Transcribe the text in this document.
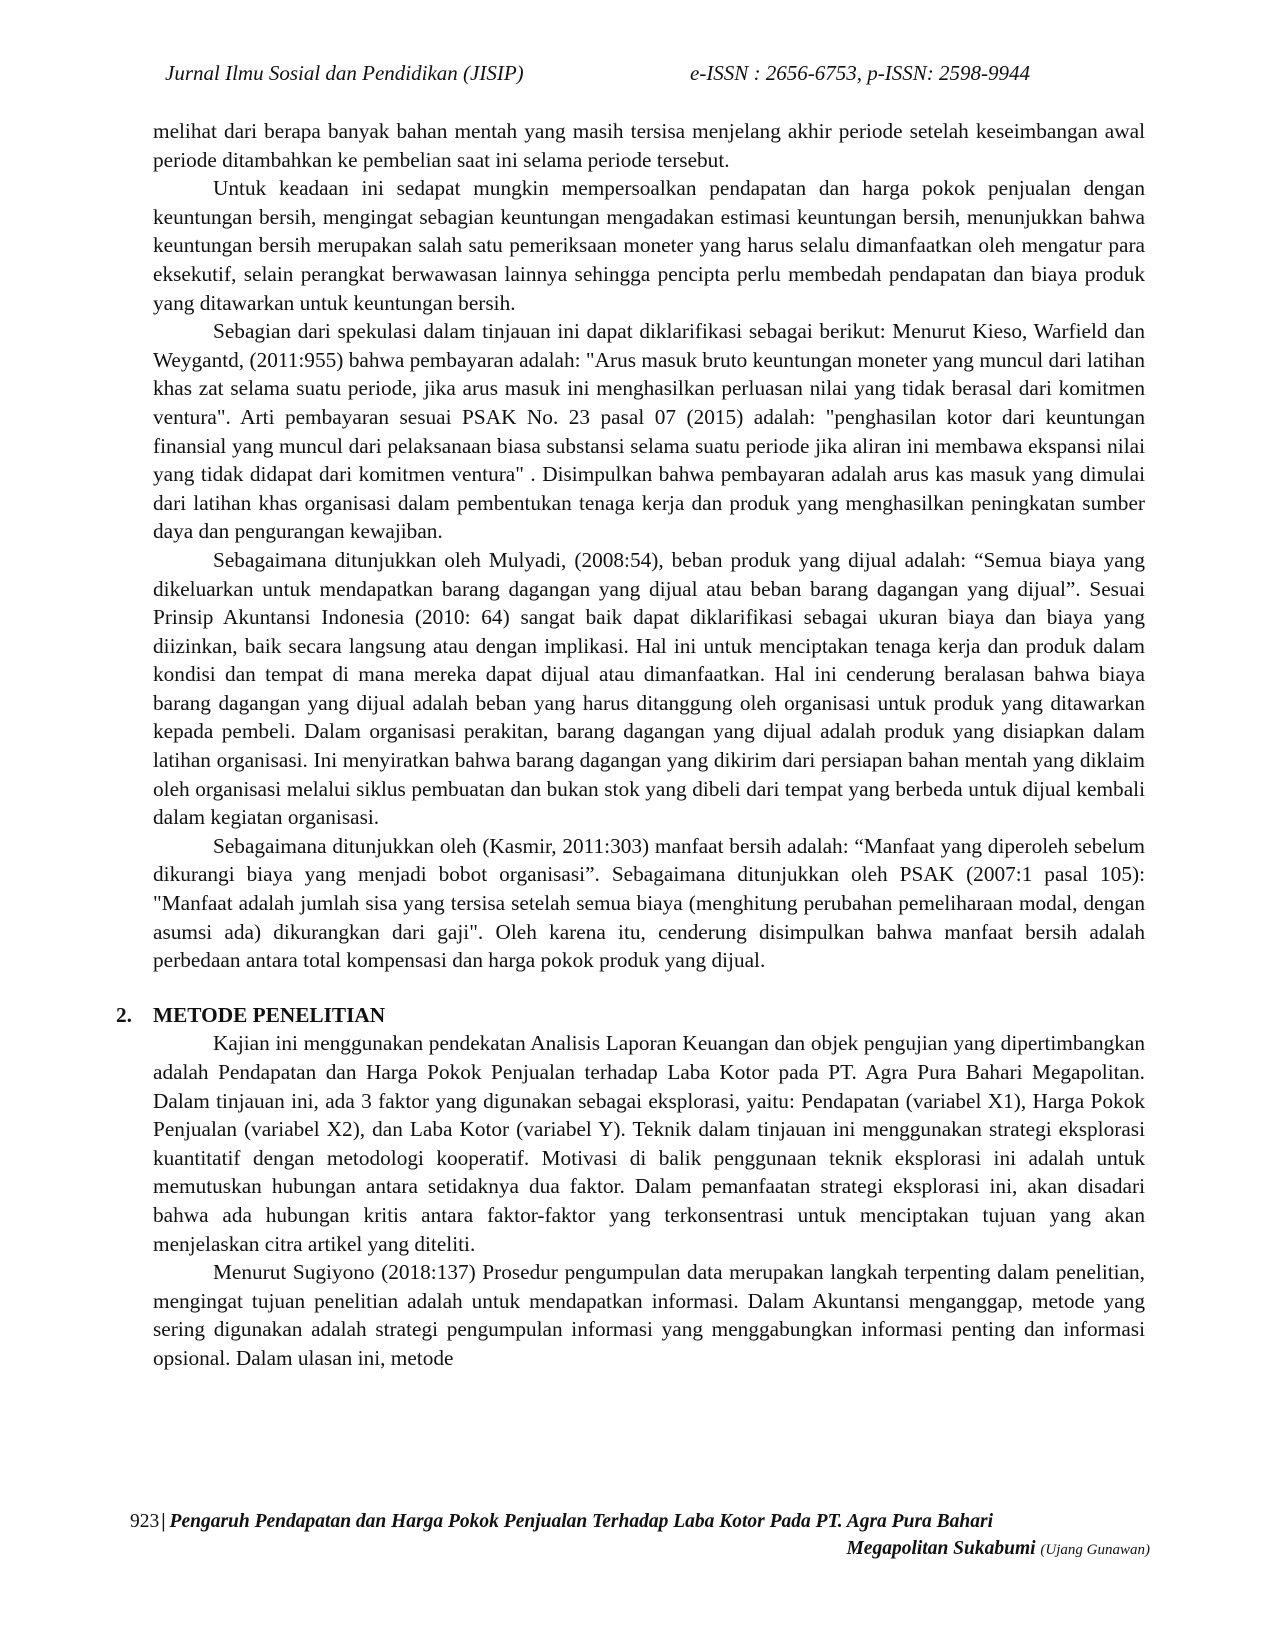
Jurnal Ilmu Sosial dan Pendidikan (JISIP)	e-ISSN : 2656-6753, p-ISSN: 2598-9944

melihat dari berapa banyak bahan mentah yang masih tersisa menjelang akhir periode setelah keseimbangan awal periode ditambahkan ke pembelian saat ini selama periode tersebut.

Untuk keadaan ini sedapat mungkin mempersoalkan pendapatan dan harga pokok penjualan dengan keuntungan bersih, mengingat sebagian keuntungan mengadakan estimasi keuntungan bersih, menunjukkan bahwa keuntungan bersih merupakan salah satu pemeriksaan moneter yang harus selalu dimanfaatkan oleh mengatur para eksekutif, selain perangkat berwawasan lainnya sehingga pencipta perlu membedah pendapatan dan biaya produk yang ditawarkan untuk keuntungan bersih.

Sebagian dari spekulasi dalam tinjauan ini dapat diklarifikasi sebagai berikut: Menurut Kieso, Warfield dan Weygantd, (2011:955) bahwa pembayaran adalah: "Arus masuk bruto keuntungan moneter yang muncul dari latihan khas zat selama suatu periode, jika arus masuk ini menghasilkan perluasan nilai yang tidak berasal dari komitmen ventura". Arti pembayaran sesuai PSAK No. 23 pasal 07 (2015) adalah: "penghasilan kotor dari keuntungan finansial yang muncul dari pelaksanaan biasa substansi selama suatu periode jika aliran ini membawa ekspansi nilai yang tidak didapat dari komitmen ventura" . Disimpulkan bahwa pembayaran adalah arus kas masuk yang dimulai dari latihan khas organisasi dalam pembentukan tenaga kerja dan produk yang menghasilkan peningkatan sumber daya dan pengurangan kewajiban.

Sebagaimana ditunjukkan oleh Mulyadi, (2008:54), beban produk yang dijual adalah: “Semua biaya yang dikeluarkan untuk mendapatkan barang dagangan yang dijual atau beban barang dagangan yang dijual”. Sesuai Prinsip Akuntansi Indonesia (2010: 64) sangat baik dapat diklarifikasi sebagai ukuran biaya dan biaya yang diizinkan, baik secara langsung atau dengan implikasi. Hal ini untuk menciptakan tenaga kerja dan produk dalam kondisi dan tempat di mana mereka dapat dijual atau dimanfaatkan. Hal ini cenderung beralasan bahwa biaya barang dagangan yang dijual adalah beban yang harus ditanggung oleh organisasi untuk produk yang ditawarkan kepada pembeli. Dalam organisasi perakitan, barang dagangan yang dijual adalah produk yang disiapkan dalam latihan organisasi. Ini menyiratkan bahwa barang dagangan yang dikirim dari persiapan bahan mentah yang diklaim oleh organisasi melalui siklus pembuatan dan bukan stok yang dibeli dari tempat yang berbeda untuk dijual kembali dalam kegiatan organisasi.

Sebagaimana ditunjukkan oleh (Kasmir, 2011:303) manfaat bersih adalah: “Manfaat yang diperoleh sebelum dikurangi biaya yang menjadi bobot organisasi”. Sebagaimana ditunjukkan oleh PSAK (2007:1 pasal 105): "Manfaat adalah jumlah sisa yang tersisa setelah semua biaya (menghitung perubahan pemeliharaan modal, dengan asumsi ada) dikurangkan dari gaji". Oleh karena itu, cenderung disimpulkan bahwa manfaat bersih adalah perbedaan antara total kompensasi dan harga pokok produk yang dijual.

2. METODE PENELITIAN

Kajian ini menggunakan pendekatan Analisis Laporan Keuangan dan objek pengujian yang dipertimbangkan adalah Pendapatan dan Harga Pokok Penjualan terhadap Laba Kotor pada PT. Agra Pura Bahari Megapolitan. Dalam tinjauan ini, ada 3 faktor yang digunakan sebagai eksplorasi, yaitu: Pendapatan (variabel X1), Harga Pokok Penjualan (variabel X2), dan Laba Kotor (variabel Y). Teknik dalam tinjauan ini menggunakan strategi eksplorasi kuantitatif dengan metodologi kooperatif. Motivasi di balik penggunaan teknik eksplorasi ini adalah untuk memutuskan hubungan antara setidaknya dua faktor. Dalam pemanfaatan strategi eksplorasi ini, akan disadari bahwa ada hubungan kritis antara faktor-faktor yang terkonsentrasi untuk menciptakan tujuan yang akan menjelaskan citra artikel yang diteliti.

Menurut Sugiyono (2018:137) Prosedur pengumpulan data merupakan langkah terpenting dalam penelitian, mengingat tujuan penelitian adalah untuk mendapatkan informasi. Dalam Akuntansi menganggap, metode yang sering digunakan adalah strategi pengumpulan informasi yang menggabungkan informasi penting dan informasi opsional. Dalam ulasan ini, metode

923 | Pengaruh Pendapatan dan Harga Pokok Penjualan Terhadap Laba Kotor Pada PT. Agra Pura Bahari
Megapolitan Sukabumi (Ujang Gunawan)
